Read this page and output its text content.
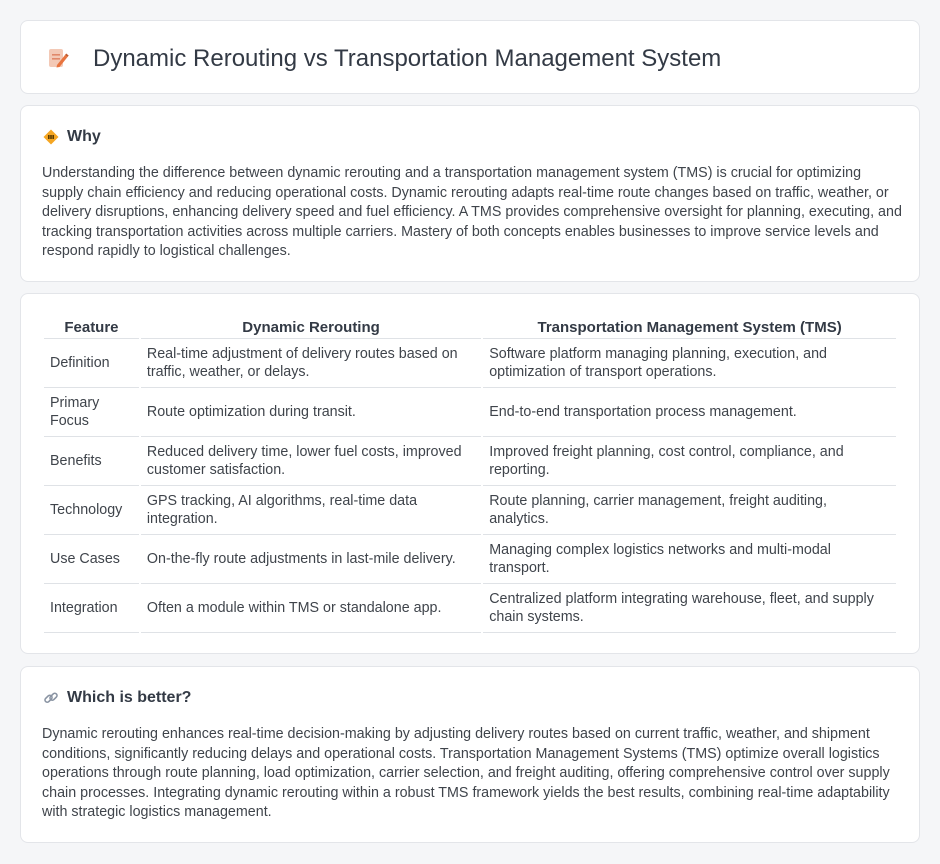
Dynamic Rerouting vs Transportation Management System
Why

Understanding the difference between dynamic rerouting and a transportation management system (TMS) is crucial for optimizing supply chain efficiency and reducing operational costs. Dynamic rerouting adapts real-time route changes based on traffic, weather, or delivery disruptions, enhancing delivery speed and fuel efficiency. A TMS provides comprehensive oversight for planning, executing, and tracking transportation activities across multiple carriers. Mastery of both concepts enables businesses to improve service levels and respond rapidly to logistical challenges.

Feature	Dynamic Rerouting	Transportation Management System (TMS)
Definition	Real-time adjustment of delivery routes based on traffic, weather, or delays.	Software platform managing planning, execution, and optimization of transport operations.
Primary Focus	Route optimization during transit.	End-to-end transportation process management.
Benefits	Reduced delivery time, lower fuel costs, improved customer satisfaction.	Improved freight planning, cost control, compliance, and reporting.
Technology	GPS tracking, AI algorithms, real-time data integration.	Route planning, carrier management, freight auditing, analytics.
Use Cases	On-the-fly route adjustments in last-mile delivery.	Managing complex logistics networks and multi-modal transport.
Integration	Often a module within TMS or standalone app.	Centralized platform integrating warehouse, fleet, and supply chain systems.
Which is better?

Dynamic rerouting enhances real-time decision-making by adjusting delivery routes based on current traffic, weather, and shipment conditions, significantly reducing delays and operational costs. Transportation Management Systems (TMS) optimize overall logistics operations through route planning, load optimization, carrier selection, and freight auditing, offering comprehensive control over supply chain processes. Integrating dynamic rerouting within a robust TMS framework yields the best results, combining real-time adaptability with strategic logistics management.
